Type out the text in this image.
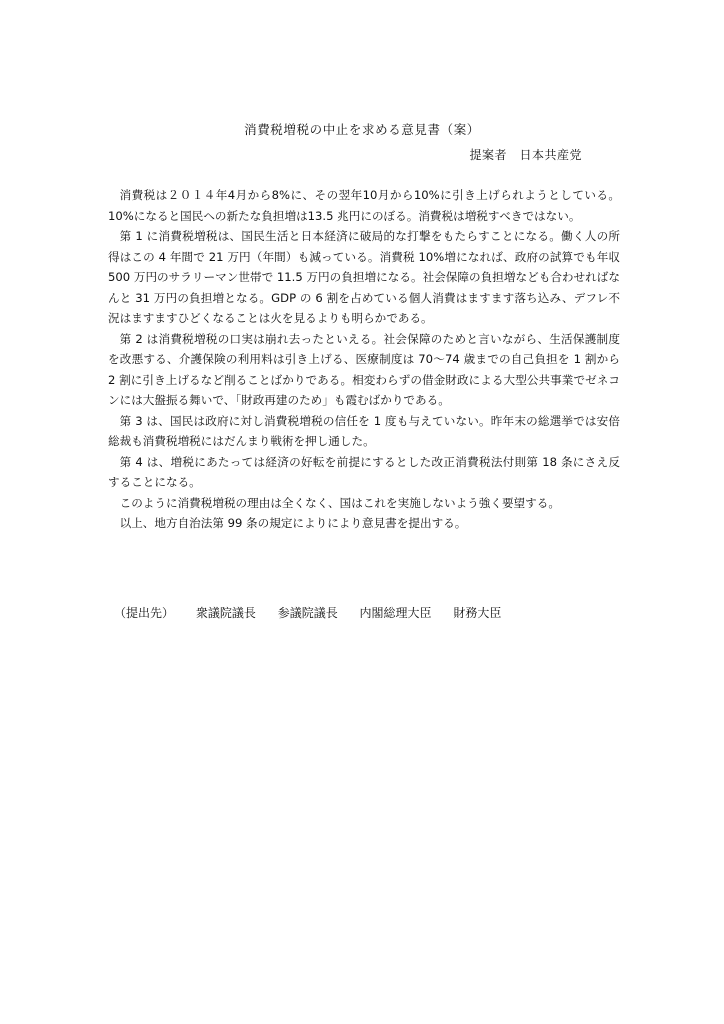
消費税増税の中止を求める意見書（案）
提案者　日本共産党

消費税は２０１４年4月から8%に、その翌年10月から10%に引き上げられようとしている。10%になると国民への新たな負担増は13.5 兆円にのぼる。消費税は増税すべきではない。

第 1 に消費税増税は、国民生活と日本経済に破局的な打撃をもたらすことになる。働く人の所得はこの 4 年間で 21 万円（年間）も減っている。消費税 10%増になれば、政府の試算でも年収 500 万円のサラリーマン世帯で 11.5 万円の負担増になる。社会保障の負担増なども合わせればなんと 31 万円の負担増となる。GDP の 6 割を占めている個人消費はますます落ち込み、デフレ不況はますますひどくなることは火を見るよりも明らかである。

第 2 は消費税増税の口実は崩れ去ったといえる。社会保障のためと言いながら、生活保護制度を改悪する、介護保険の利用料は引き上げる、医療制度は 70～74 歳までの自己負担を 1 割から 2 割に引き上げるなど削ることばかりである。相変わらずの借金財政による大型公共事業でゼネコンには大盤振る舞いで、「財政再建のため」も霞むばかりである。

第 3 は、国民は政府に対し消費税増税の信任を 1 度も与えていない。昨年末の総選挙では安倍総裁も消費税増税にはだんまり戦術を押し通した。

第 4 は、増税にあたっては経済の好転を前提にするとした改正消費税法付則第 18 条にさえ反することになる。

このように消費税増税の理由は全くなく、国はこれを実施しないよう強く要望する。

以上、地方自治法第 99 条の規定によりにより意見書を提出する。

（提出先） 衆議院議長 参議院議長 内閣総理大臣 財務大臣
